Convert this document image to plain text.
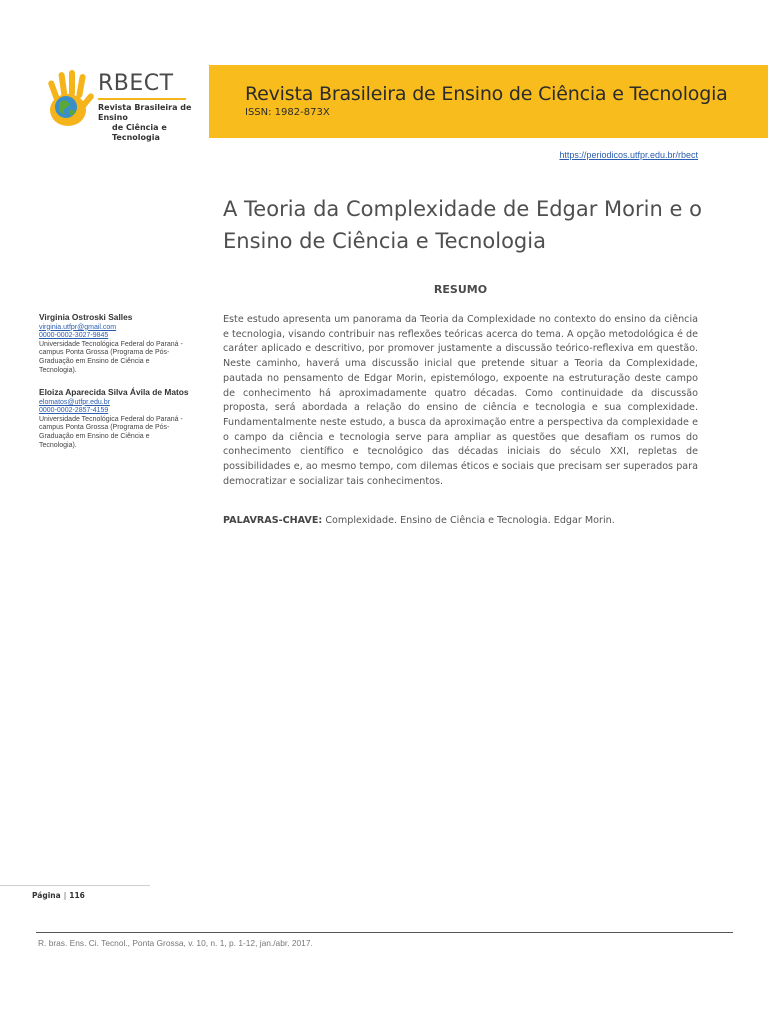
RBECT
Revista Brasileira de Ensino
de Ciência e Tecnologia
Revista Brasileira de Ensino de Ciência e Tecnologia
ISSN: 1982-873X
https://periodicos.utfpr.edu.br/rbect
A Teoria da Complexidade de Edgar Morin e o Ensino de Ciência e Tecnologia
RESUMO

Este estudo apresenta um panorama da Teoria da Complexidade no contexto do ensino da ciência e tecnologia, visando contribuir nas reflexões teóricas acerca do tema. A opção metodológica é de caráter aplicado e descritivo, por promover justamente a discussão teórico-reflexiva em questão. Neste caminho, haverá uma discussão inicial que pretende situar a Teoria da Complexidade, pautada no pensamento de Edgar Morin, epistemólogo, expoente na estruturação deste campo de conhecimento há aproximadamente quatro décadas. Como continuidade da discussão proposta, será abordada a relação do ensino de ciência e tecnologia e sua complexidade. Fundamentalmente neste estudo, a busca da aproximação entre a perspectiva da complexidade e o campo da ciência e tecnologia serve para ampliar as questões que desafiam os rumos do conhecimento científico e tecnológico das décadas iniciais do século XXI, repletas de possibilidades e, ao mesmo tempo, com dilemas éticos e sociais que precisam ser superados para democratizar e socializar tais conhecimentos.

PALAVRAS-CHAVE: Complexidade. Ensino de Ciência e Tecnologia. Edgar Morin.

Virginia Ostroski Salles
virginia.utfpr@gmail.com
0000-0002-3027-9845
Universidade Tecnológica Federal do Paraná - campus Ponta Grossa (Programa de Pós-Graduação em Ensino de Ciência e Tecnologia).
Eloiza Aparecida Silva Ávila de Matos
elomatos@utfpr.edu.br
0000-0002-2857-4159
Universidade Tecnológica Federal do Paraná - campus Ponta Grossa (Programa de Pós-Graduação em Ensino de Ciência e Tecnologia).
Página | 116
R. bras. Ens. Ci. Tecnol., Ponta Grossa, v. 10, n. 1, p. 1-12, jan./abr. 2017.
